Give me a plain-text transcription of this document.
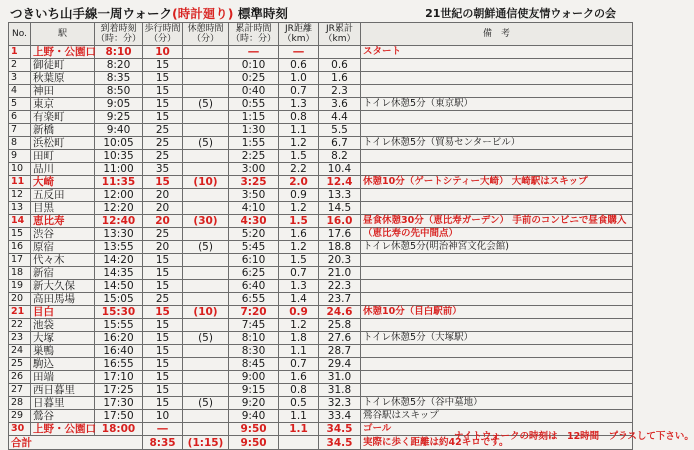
つきいち山手線一周ウォーク(時計廻り) 標準時刻	21世紀の朝鮮通信使友情ウォークの会
No.	駅	到着時刻（時：分）	歩行時間（分）	休憩時間（分）	累計時間（時：分）	JR距離（km）	JR累計（km）	備　考
1	上野・公園口	8:10	10		―	―		スタート
2	御徒町	8:20	15		0:10	0.6	0.6	
3	秋葉原	8:35	15		0:25	1.0	1.6	
4	神田	8:50	15		0:40	0.7	2.3	
5	東京	9:05	15	(5)	0:55	1.3	3.6	トイレ休憩5分（東京駅）
6	有楽町	9:25	15		1:15	0.8	4.4	
7	新橋	9:40	25		1:30	1.1	5.5	
8	浜松町	10:05	25	(5)	1:55	1.2	6.7	トイレ休憩5分（貿易センタービル）
9	田町	10:35	25		2:25	1.5	8.2	
10	品川	11:00	35		3:00	2.2	10.4	
11	大崎	11:35	15	(10)	3:25	2.0	12.4	休憩10分（ゲートシティー大崎） 大崎駅はスキップ
12	五反田	12:00	20		3:50	0.9	13.3	
13	目黒	12:20	20		4:10	1.2	14.5	
14	恵比寿	12:40	20	(30)	4:30	1.5	16.0	昼食休憩30分（恵比寿ガーデン） 手前のコンビニで昼食購入
15	渋谷	13:30	25		5:20	1.6	17.6	（恵比寿の先中間点）
16	原宿	13:55	20	(5)	5:45	1.2	18.8	トイレ休憩5分(明治神宮文化会館)
17	代々木	14:20	15		6:10	1.5	20.3	
18	新宿	14:35	15		6:25	0.7	21.0	
19	新大久保	14:50	15		6:40	1.3	22.3	
20	高田馬場	15:05	25		6:55	1.4	23.7	
21	目白	15:30	15	(10)	7:20	0.9	24.6	休憩10分（目白駅前）
22	池袋	15:55	15		7:45	1.2	25.8	
23	大塚	16:20	15	(5)	8:10	1.8	27.6	トイレ休憩5分（大塚駅）
24	巣鴨	16:40	15		8:30	1.1	28.7	
25	駒込	16:55	15		8:45	0.7	29.4	
26	田端	17:10	15		9:00	1.6	31.0	
27	西日暮里	17:25	15		9:15	0.8	31.8	
28	日暮里	17:30	15	(5)	9:20	0.5	32.3	トイレ休憩5分（谷中墓地）
29	鶯谷	17:50	10		9:40	1.1	33.4	鶯谷駅はスキップ
30	上野・公園口	18:00	―		9:50	1.1	34.5	ゴール
合計			8:35	(1:15)	9:50		34.5	実際に歩く距離は約42キロです。
ナイトウォークの時刻は　12時間　プラスして下さい。
